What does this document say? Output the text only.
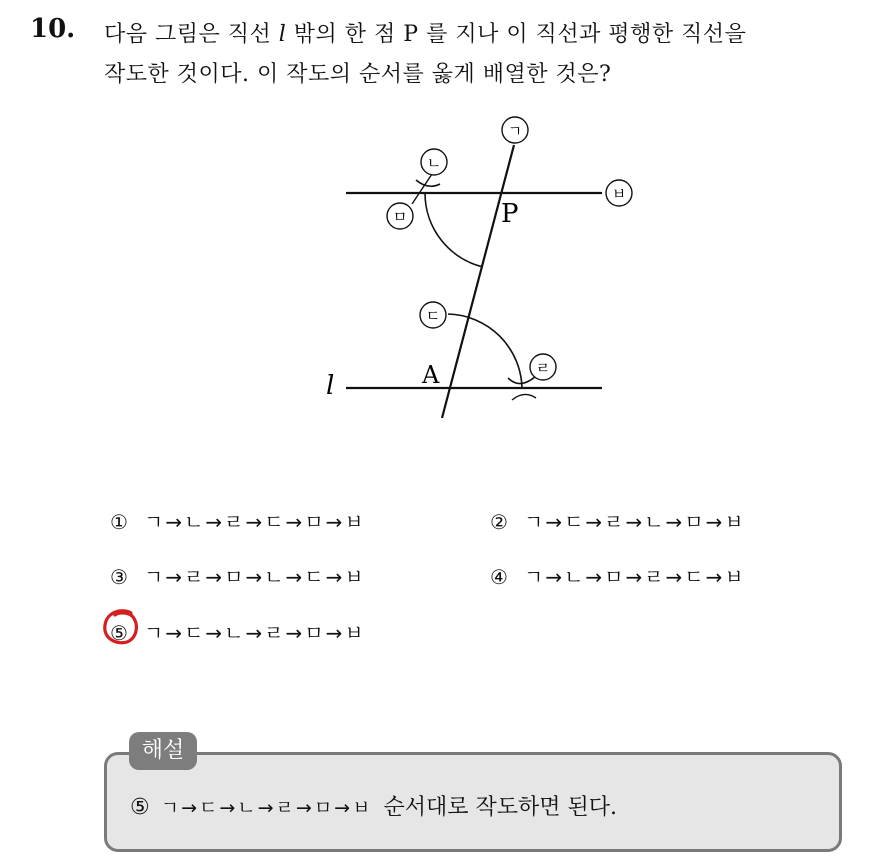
10. 다음 그림은 직선 l 밖의 한 점 P 를 지나 이 직선과 평행한 직선을
작도한 것이다. 이 작도의 순서를 옳게 배열한 것은?
ㄱ
ㄴ
ㅁ
ㅂ
ㄷ
ㄹ
P
A
l
① ㄱ→ㄴ→ㄹ→ㄷ→ㅁ→ㅂ	② ㄱ→ㄷ→ㄹ→ㄴ→ㅁ→ㅂ
③ ㄱ→ㄹ→ㅁ→ㄴ→ㄷ→ㅂ	④ ㄱ→ㄴ→ㅁ→ㄹ→ㄷ→ㅂ
⑤ ㄱ→ㄷ→ㄴ→ㄹ→ㅁ→ㅂ
해설
⑤ ㄱ→ㄷ→ㄴ→ㄹ→ㅁ→ㅂ 순서대로 작도하면 된다.
